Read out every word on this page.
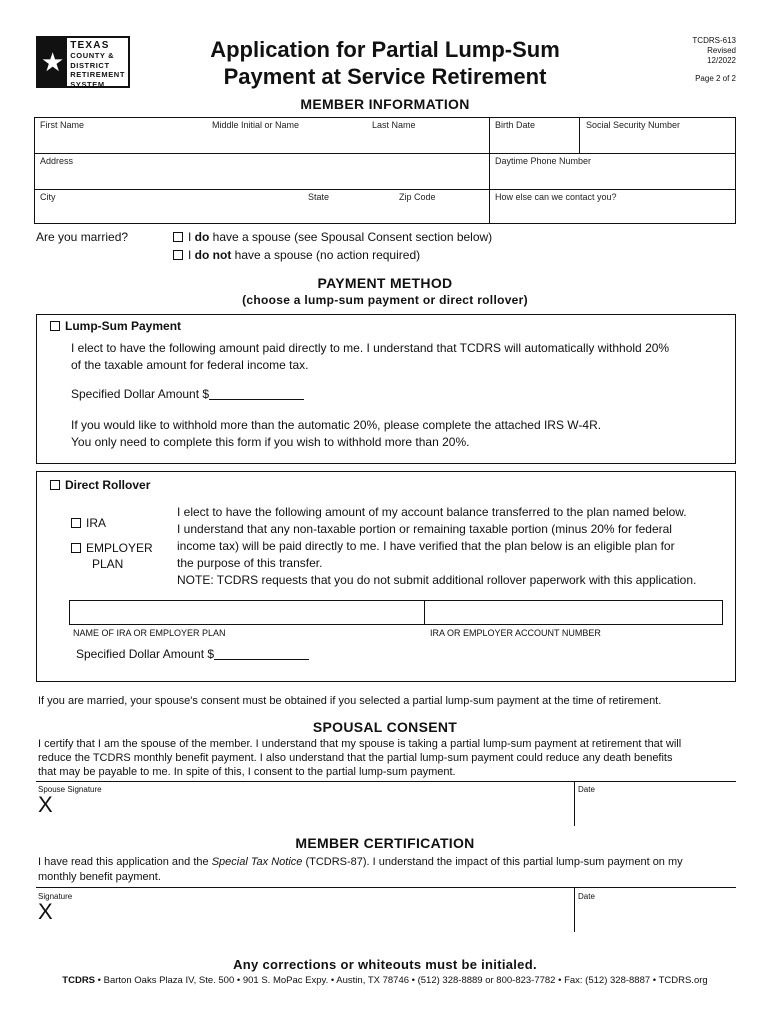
★
TEXAS
COUNTY &
DISTRICT
RETIREMENT
SYSTEM
Application for Partial Lump-Sum
Payment at Service Retirement
TCDRS-613
Revised
12/2022
Page 2 of 2
MEMBER INFORMATION
First Name	Middle Initial or Name	Last Name	Birth Date	Social Security Number
Address	Daytime Phone Number
City	State	Zip Code	How else can we contact you?
Are you married?	I do have a spouse (see Spousal Consent section below)
I do not have a spouse (no action required)
PAYMENT METHOD
(choose a lump-sum payment or direct rollover)
Lump-Sum Payment
I elect to have the following amount paid directly to me. I understand that TCDRS will automatically withhold 20%
of the taxable amount for federal income tax.
Specified Dollar Amount $
If you would like to withhold more than the automatic 20%, please complete the attached IRS W-4R.
You only need to complete this form if you wish to withhold more than 20%.
Direct Rollover
IRA
EMPLOYER
PLAN
I elect to have the following amount of my account balance transferred to the plan named below.
I understand that any non-taxable portion or remaining taxable portion (minus 20% for federal
income tax) will be paid directly to me. I have verified that the plan below is an eligible plan for
the purpose of this transfer.
NOTE: TCDRS requests that you do not submit additional rollover paperwork with this application.
NAME OF IRA OR EMPLOYER PLAN	IRA OR EMPLOYER ACCOUNT NUMBER
Specified Dollar Amount $
If you are married, your spouse's consent must be obtained if you selected a partial lump-sum payment at the time of retirement.
SPOUSAL CONSENT
I certify that I am the spouse of the member. I understand that my spouse is taking a partial lump-sum payment at retirement that will
reduce the TCDRS monthly benefit payment. I also understand that the partial lump-sum payment could reduce any death benefits
that may be payable to me. In spite of this, I consent to the partial lump-sum payment.
Spouse Signature	Date
X
MEMBER CERTIFICATION
I have read this application and the Special Tax Notice (TCDRS-87). I understand the impact of this partial lump-sum payment on my
monthly benefit payment.
Signature	Date
X
Any corrections or whiteouts must be initialed.
TCDRS • Barton Oaks Plaza IV, Ste. 500 • 901 S. MoPac Expy. • Austin, TX 78746 • (512) 328-8889 or 800-823-7782 • Fax: (512) 328-8887 • TCDRS.org
